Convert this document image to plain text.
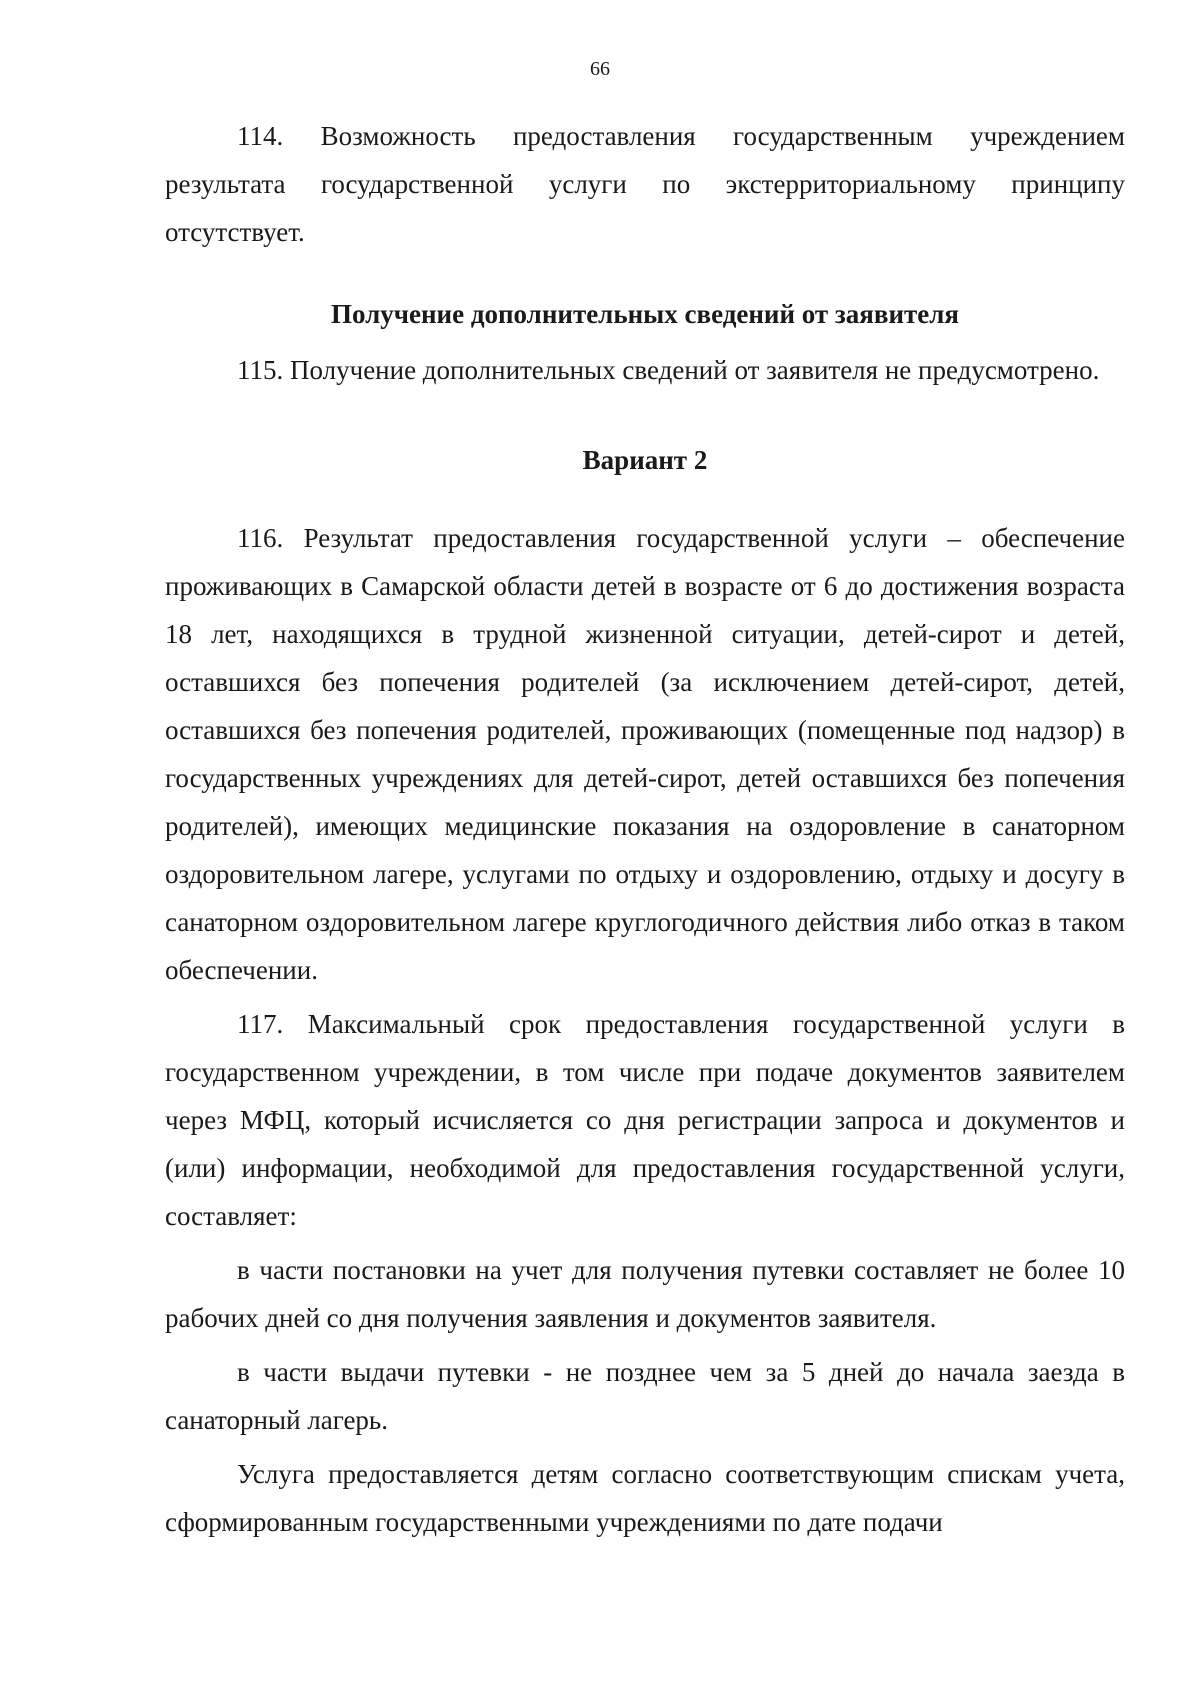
66

114. Возможность предоставления государственным учреждением результата государственной услуги по экстерриториальному принципу отсутствует.

Получение дополнительных сведений от заявителя

115. Получение дополнительных сведений от заявителя не предусмотрено.

Вариант 2

116. Результат предоставления государственной услуги – обеспечение проживающих в Самарской области детей в возрасте от 6 до достижения возраста 18 лет, находящихся в трудной жизненной ситуации, детей-сирот и детей, оставшихся без попечения родителей (за исключением детей-сирот, детей, оставшихся без попечения родителей, проживающих (помещенные под надзор) в государственных учреждениях для детей-сирот, детей оставшихся без попечения родителей), имеющих медицинские показания на оздоровление в санаторном оздоровительном лагере, услугами по отдыху и оздоровлению, отдыху и досугу в санаторном оздоровительном лагере круглогодичного действия либо отказ в таком обеспечении.

117. Максимальный срок предоставления государственной услуги в государственном учреждении, в том числе при подаче документов заявителем через МФЦ, который исчисляется со дня регистрации запроса и документов и (или) информации, необходимой для предоставления государственной услуги, составляет:

в части постановки на учет для получения путевки составляет не более 10 рабочих дней со дня получения заявления и документов заявителя.

в части выдачи путевки - не позднее чем за 5 дней до начала заезда в санаторный лагерь.

Услуга предоставляется детям согласно соответствующим спискам учета, сформированным государственными учреждениями по дате подачи
